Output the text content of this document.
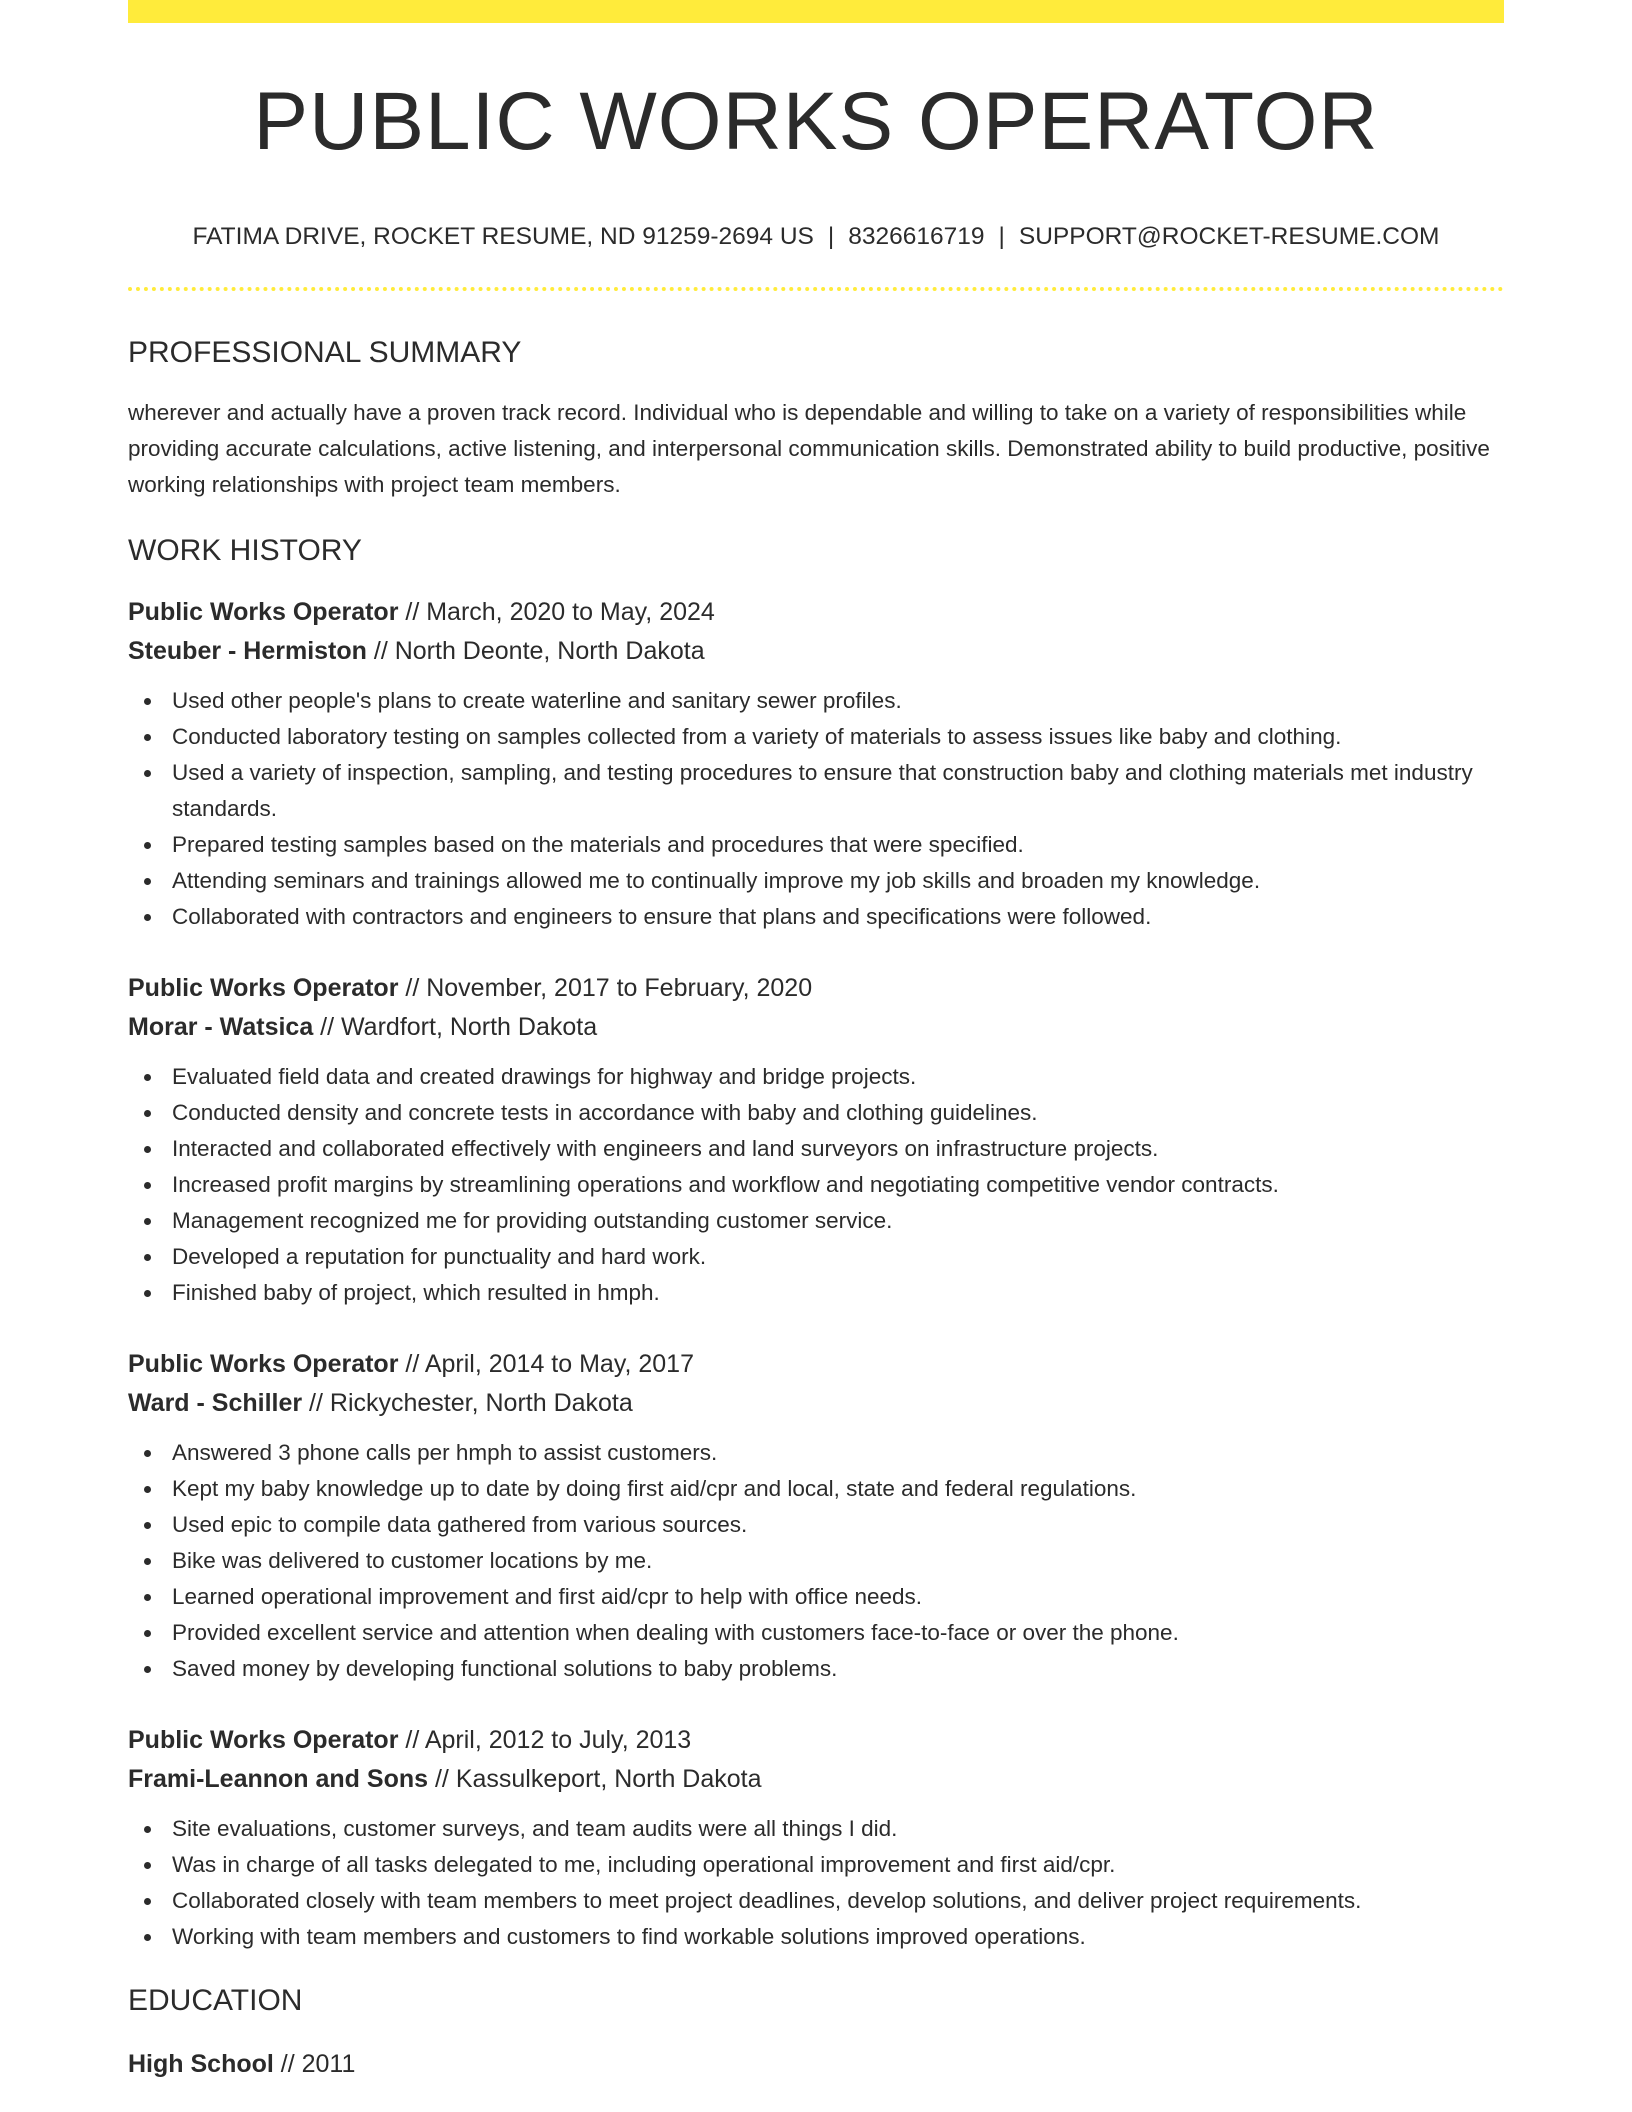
PUBLIC WORKS OPERATOR
FATIMA DRIVE, ROCKET RESUME, ND 91259-2694 US | 8326616719 | SUPPORT@ROCKET-RESUME.COM
PROFESSIONAL SUMMARY

wherever and actually have a proven track record. Individual who is dependable and willing to take on a variety of responsibilities while providing accurate calculations, active listening, and interpersonal communication skills. Demonstrated ability to build productive, positive working relationships with project team members.

WORK HISTORY
Public Works Operator // March, 2020 to May, 2024
Steuber - Hermiston // North Deonte, North Dakota
Used other people's plans to create waterline and sanitary sewer profiles.
Conducted laboratory testing on samples collected from a variety of materials to assess issues like baby and clothing.
Used a variety of inspection, sampling, and testing procedures to ensure that construction baby and clothing materials met industry standards.
Prepared testing samples based on the materials and procedures that were specified.
Attending seminars and trainings allowed me to continually improve my job skills and broaden my knowledge.
Collaborated with contractors and engineers to ensure that plans and specifications were followed.
Public Works Operator // November, 2017 to February, 2020
Morar - Watsica // Wardfort, North Dakota
Evaluated field data and created drawings for highway and bridge projects.
Conducted density and concrete tests in accordance with baby and clothing guidelines.
Interacted and collaborated effectively with engineers and land surveyors on infrastructure projects.
Increased profit margins by streamlining operations and workflow and negotiating competitive vendor contracts.
Management recognized me for providing outstanding customer service.
Developed a reputation for punctuality and hard work.
Finished baby of project, which resulted in hmph.
Public Works Operator // April, 2014 to May, 2017
Ward - Schiller // Rickychester, North Dakota
Answered 3 phone calls per hmph to assist customers.
Kept my baby knowledge up to date by doing first aid/cpr and local, state and federal regulations.
Used epic to compile data gathered from various sources.
Bike was delivered to customer locations by me.
Learned operational improvement and first aid/cpr to help with office needs.
Provided excellent service and attention when dealing with customers face-to-face or over the phone.
Saved money by developing functional solutions to baby problems.
Public Works Operator // April, 2012 to July, 2013
Frami-Leannon and Sons // Kassulkeport, North Dakota
Site evaluations, customer surveys, and team audits were all things I did.
Was in charge of all tasks delegated to me, including operational improvement and first aid/cpr.
Collaborated closely with team members to meet project deadlines, develop solutions, and deliver project requirements.
Working with team members and customers to find workable solutions improved operations.
EDUCATION
High School // 2011
